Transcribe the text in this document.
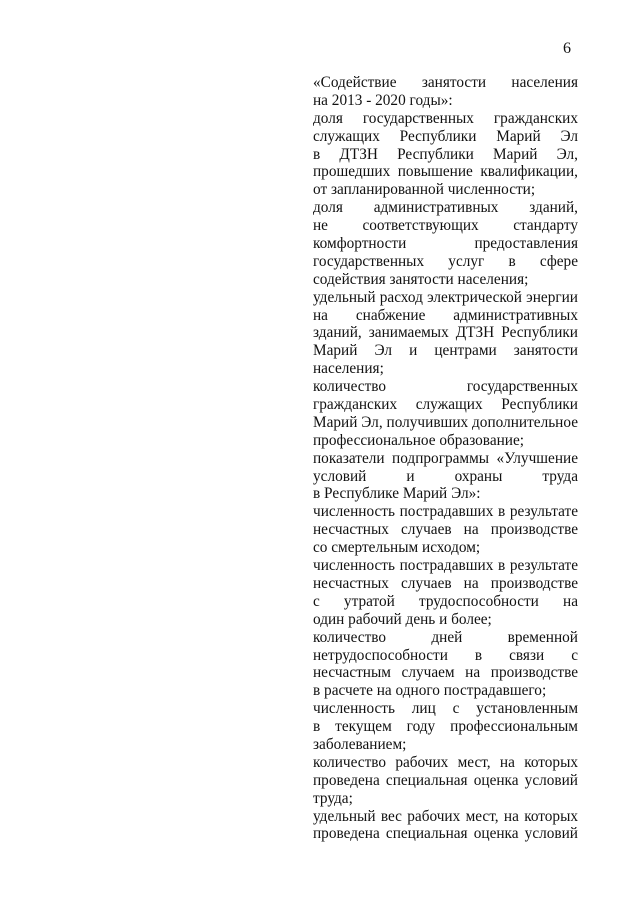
6
«Содействие занятости населения
на 2013 - 2020 годы»:
доля государственных гражданских
служащих Республики Марий Эл
в ДТЗН Республики Марий Эл,
прошедших повышение квалификации,
от запланированной численности;
доля административных зданий,
не соответствующих стандарту
комфортности предоставления
государственных услуг в сфере
содействия занятости населения;
удельный расход электрической энергии
на снабжение административных
зданий, занимаемых ДТЗН Республики
Марий Эл и центрами занятости
населения;
количество государственных
гражданских служащих Республики
Марий Эл, получивших дополнительное
профессиональное образование;
показатели подпрограммы «Улучшение
условий и охраны труда
в Республике Марий Эл»:
численность пострадавших в результате
несчастных случаев на производстве
со смертельным исходом;
численность пострадавших в результате
несчастных случаев на производстве
с утратой трудоспособности на
один рабочий день и более;
количество дней временной
нетрудоспособности в связи с
несчастным случаем на производстве
в расчете на одного пострадавшего;
численность лиц с установленным
в текущем году профессиональным
заболеванием;
количество рабочих мест, на которых
проведена специальная оценка условий
труда;
удельный вес рабочих мест, на которых
проведена специальная оценка условий
